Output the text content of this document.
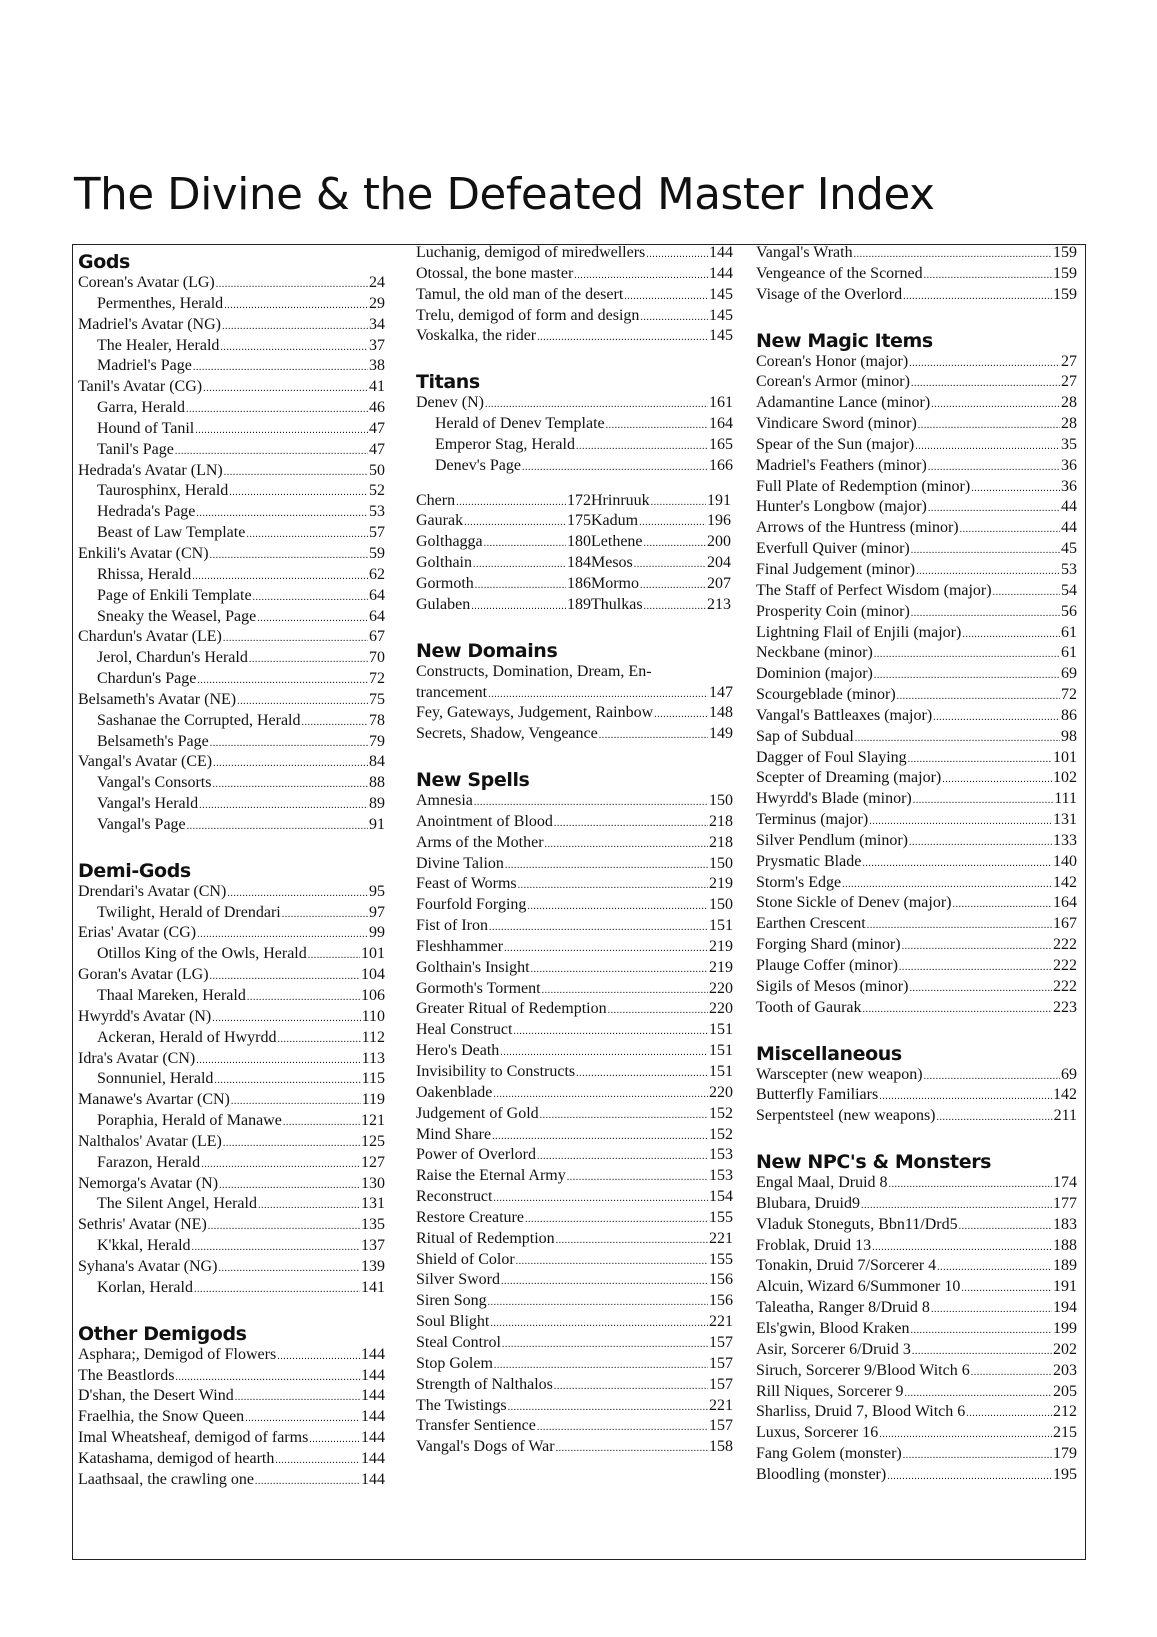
The Divine & the Defeated Master Index
Gods
Corean's Avatar (LG) .....	24
Permenthes, Herald .....	29
Madriel's Avatar (NG) .....	34
The Healer, Herald .....	37
Madriel's Page .....	38
Tanil's Avatar (CG) .....	41
Garra, Herald .....	46
Hound of Tanil .....	47
Tanil's Page .....	47
Hedrada's Avatar (LN) .....	50
Taurosphinx, Herald .....	52
Hedrada's Page .....	53
Beast of Law Template .....	57
Enkili's Avatar (CN) .....	59
Rhissa, Herald .....	62
Page of Enkili Template .....	64
Sneaky the Weasel, Page .....	64
Chardun's Avatar (LE) .....	67
Jerol, Chardun's Herald .....	70
Chardun's Page .....	72
Belsameth's Avatar (NE) .....	75
Sashanae the Corrupted, Herald .....	78
Belsameth's Page .....	79
Vangal's Avatar (CE) .....	84
Vangal's Consorts .....	88
Vangal's Herald .....	89
Vangal's Page .....	91
Demi-Gods
Drendari's Avatar (CN) .....	95
Twilight, Herald of Drendari .....	97
Erias' Avatar (CG) .....	99
Otillos King of the Owls, Herald .....	101
Goran's Avatar (LG) .....	104
Thaal Mareken, Herald .....	106
Hwyrdd's Avatar (N) .....	110
Ackeran, Herald of Hwyrdd .....	112
Idra's Avatar (CN) .....	113
Sonnuniel, Herald .....	115
Manawe's Avartar (CN) .....	119
Poraphia, Herald of Manawe .....	121
Nalthalos' Avatar (LE) .....	125
Farazon, Herald .....	127
Nemorga's Avatar (N) .....	130
The Silent Angel, Herald .....	131
Sethris' Avatar (NE) .....	135
K'kkal, Herald .....	137
Syhana's Avatar (NG) .....	139
Korlan, Herald .....	141
Other Demigods
Asphara;, Demigod of Flowers .....	144
The Beastlords .....	144
D'shan, the Desert Wind .....	144
Fraelhia, the Snow Queen .....	144
Imal Wheatsheaf, demigod of farms .....	144
Katashama, demigod of hearth .....	144
Laathsaal, the crawling one .....	144
Luchanig, demigod of miredwellers .....	144
Otossal, the bone master .....	144
Tamul, the old man of the desert .....	145
Trelu, demigod of form and design .....	145
Voskalka, the rider .....	145
Titans
Denev (N) .....	161
Herald of Denev Template .....	164
Emperor Stag, Herald .....	165
Denev's Page .....	166
Chern .....	172 Hrinruuk .....	191
Gaurak .....	175 Kadum .....	196
Golthagga .....	180 Lethene .....	200
Golthain .....	184 Mesos .....	204
Gormoth .....	186 Mormo .....	207
Gulaben .....	189 Thulkas .....	213
New Domains
Constructs, Domination, Dream, En-
trancement .....	147
Fey, Gateways, Judgement, Rainbow .....	148
Secrets, Shadow, Vengeance .....	149
New Spells
Amnesia .....	150
Anointment of Blood .....	218
Arms of the Mother .....	218
Divine Talion .....	150
Feast of Worms .....	219
Fourfold Forging .....	150
Fist of Iron .....	151
Fleshhammer .....	219
Golthain's Insight .....	219
Gormoth's Torment .....	220
Greater Ritual of Redemption .....	220
Heal Construct .....	151
Hero's Death .....	151
Invisibility to Constructs .....	151
Oakenblade .....	220
Judgement of Gold .....	152
Mind Share .....	152
Power of Overlord .....	153
Raise the Eternal Army .....	153
Reconstruct .....	154
Restore Creature .....	155
Ritual of Redemption .....	221
Shield of Color .....	155
Silver Sword .....	156
Siren Song .....	156
Soul Blight .....	221
Steal Control .....	157
Stop Golem .....	157
Strength of Nalthalos .....	157
The Twistings .....	221
Transfer Sentience .....	157
Vangal's Dogs of War .....	158
Vangal's Wrath .....	159
Vengeance of the Scorned .....	159
Visage of the Overlord .....	159
New Magic Items
Corean's Honor (major) .....	27
Corean's Armor (minor) .....	27
Adamantine Lance (minor) .....	28
Vindicare Sword (minor) .....	28
Spear of the Sun (major) .....	35
Madriel's Feathers (minor) .....	36
Full Plate of Redemption (minor) .....	36
Hunter's Longbow (major) .....	44
Arrows of the Huntress (minor) .....	44
Everfull Quiver (minor) .....	45
Final Judgement (minor) .....	53
The Staff of Perfect Wisdom (major) .....	54
Prosperity Coin (minor) .....	56
Lightning Flail of Enjili (major) .....	61
Neckbane (minor) .....	61
Dominion (major) .....	69
Scourgeblade (minor) .....	72
Vangal's Battleaxes (major) .....	86
Sap of Subdual .....	98
Dagger of Foul Slaying .....	101
Scepter of Dreaming (major) .....	102
Hwyrdd's Blade (minor) .....	111
Terminus (major) .....	131
Silver Pendlum (minor) .....	133
Prysmatic Blade .....	140
Storm's Edge .....	142
Stone Sickle of Denev (major) .....	164
Earthen Crescent .....	167
Forging Shard (minor) .....	222
Plauge Coffer (minor) .....	222
Sigils of Mesos (minor) .....	222
Tooth of Gaurak .....	223
Miscellaneous
Warscepter (new weapon) .....	69
Butterfly Familiars .....	142
Serpentsteel (new weapons) .....	211
New NPC's & Monsters
Engal Maal, Druid 8 .....	174
Blubara, Druid9 .....	177
Vladuk Stoneguts, Bbn11/Drd5 .....	183
Froblak, Druid 13 .....	188
Tonakin, Druid 7/Sorcerer 4 .....	189
Alcuin, Wizard 6/Summoner 10 .....	191
Taleatha, Ranger 8/Druid 8 .....	194
Els'gwin, Blood Kraken .....	199
Asir, Sorcerer 6/Druid 3 .....	202
Siruch, Sorcerer 9/Blood Witch 6 .....	203
Rill Niques, Sorcerer 9 .....	205
Sharliss, Druid 7, Blood Witch 6 .....	212
Luxus, Sorcerer 16 .....	215
Fang Golem (monster) .....	179
Bloodling (monster) .....	195
